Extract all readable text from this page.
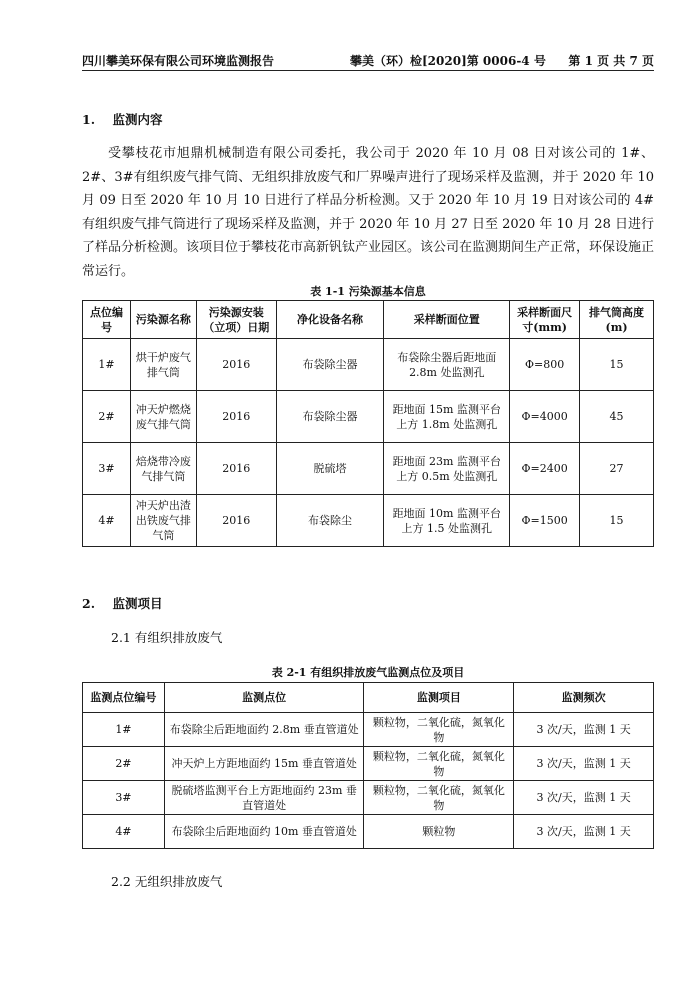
四川攀美环保有限公司环境监测报告	攀美（环）检[2020]第 0006-4 号 第 1 页 共 7 页
1.    监测内容

受攀枝花市旭鼎机械制造有限公司委托，我公司于 2020 年 10 月 08 日对该公司的 1#、2#、3#有组织废气排气筒、无组织排放废气和厂界噪声进行了现场采样及监测，并于 2020 年 10 月 09 日至 2020 年 10 月 10 日进行了样品分析检测。又于 2020 年 10 月 19 日对该公司的 4#有组织废气排气筒进行了现场采样及监测，并于 2020 年 10 月 27 日至 2020 年 10 月 28 日进行了样品分析检测。该项目位于攀枝花市高新钒钛产业园区。该公司在监测期间生产正常，环保设施正常运行。

表 1-1 污染源基本信息
点位编号	污染源名称	污染源安装（立项）日期	净化设备名称	采样断面位置	采样断面尺寸(mm)	排气筒高度(m)
1#	烘干炉废气排气筒	2016	布袋除尘器	布袋除尘器后距地面 2.8m 处监测孔	Φ=800	15
2#	冲天炉燃烧废气排气筒	2016	布袋除尘器	距地面 15m 监测平台上方 1.8m 处监测孔	Φ=4000	45
3#	焙烧带冷废气排气筒	2016	脱硫塔	距地面 23m 监测平台上方 0.5m 处监测孔	Φ=2400	27
4#	冲天炉出渣出铁废气排气筒	2016	布袋除尘	距地面 10m 监测平台上方 1.5 处监测孔	Φ=1500	15
2.    监测项目
2.1 有组织排放废气
表 2-1 有组织排放废气监测点位及项目
监测点位编号	监测点位	监测项目	监测频次
1#	布袋除尘后距地面约 2.8m 垂直管道处	颗粒物，二氧化硫，氮氧化物	3 次/天，监测 1 天
2#	冲天炉上方距地面约 15m 垂直管道处	颗粒物，二氧化硫，氮氧化物	3 次/天，监测 1 天
3#	脱硫塔监测平台上方距地面约 23m 垂直管道处	颗粒物，二氧化硫，氮氧化物	3 次/天，监测 1 天
4#	布袋除尘后距地面约 10m 垂直管道处	颗粒物	3 次/天，监测 1 天
2.2 无组织排放废气
